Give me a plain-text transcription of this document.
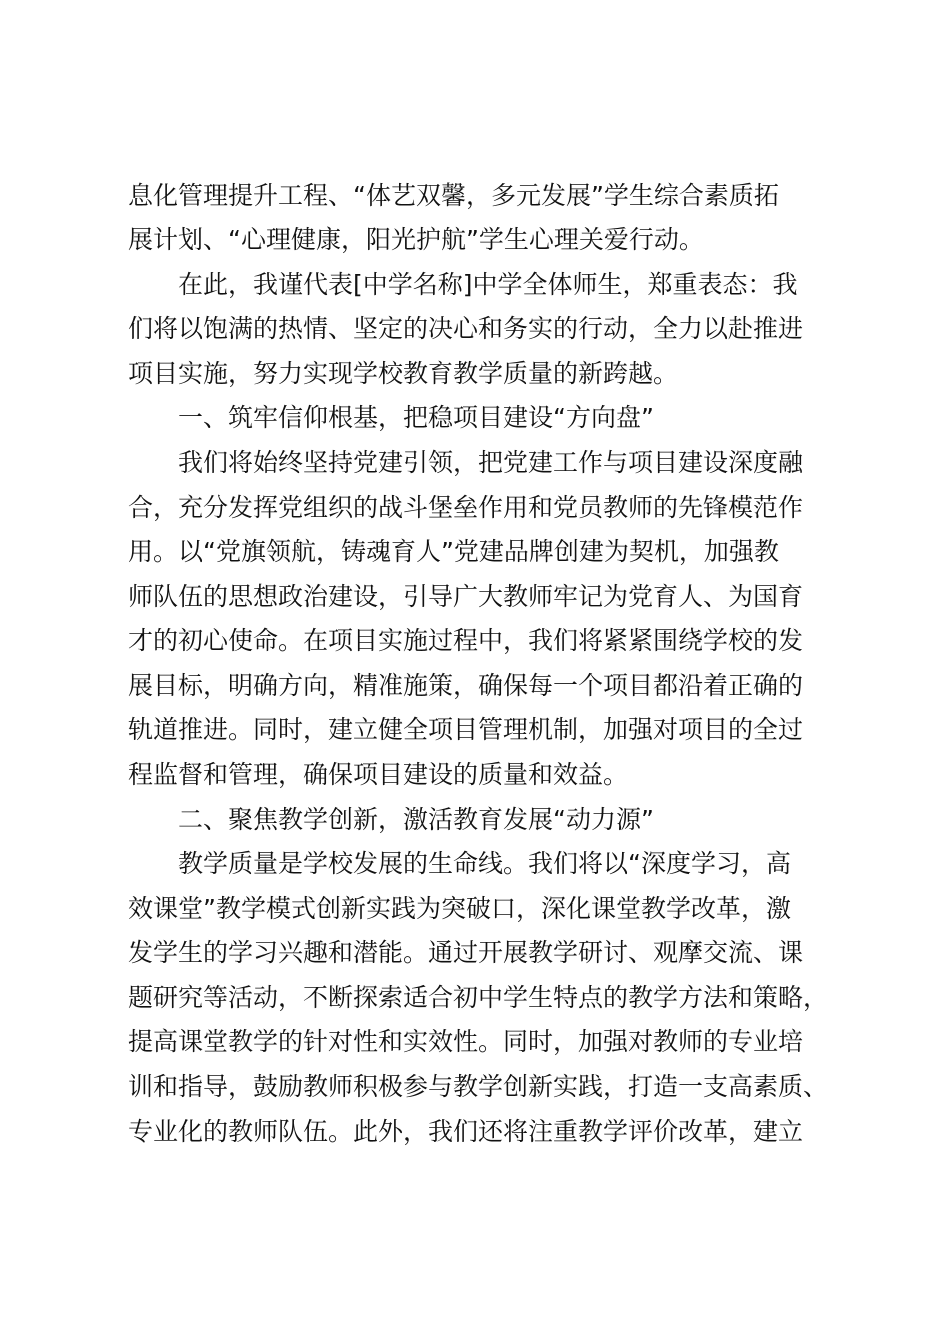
息化管理提升工程、“体艺双馨，多元发展”学生综合素质拓
展计划、“心理健康，阳光护航”学生心理关爱行动。
在此，我谨代表[中学名称]中学全体师生，郑重表态：我
们将以饱满的热情、坚定的决心和务实的行动，全力以赴推进
项目实施，努力实现学校教育教学质量的新跨越。
一、筑牢信仰根基，把稳项目建设“方向盘”
我们将始终坚持党建引领，把党建工作与项目建设深度融
合，充分发挥党组织的战斗堡垒作用和党员教师的先锋模范作
用。以“党旗领航，铸魂育人”党建品牌创建为契机，加强教
师队伍的思想政治建设，引导广大教师牢记为党育人、为国育
才的初心使命。在项目实施过程中，我们将紧紧围绕学校的发
展目标，明确方向，精准施策，确保每一个项目都沿着正确的
轨道推进。同时，建立健全项目管理机制，加强对项目的全过
程监督和管理，确保项目建设的质量和效益。
二、聚焦教学创新，激活教育发展“动力源”
教学质量是学校发展的生命线。我们将以“深度学习，高
效课堂”教学模式创新实践为突破口，深化课堂教学改革，激
发学生的学习兴趣和潜能。通过开展教学研讨、观摩交流、课
题研究等活动，不断探索适合初中学生特点的教学方法和策略，
提高课堂教学的针对性和实效性。同时，加强对教师的专业培
训和指导，鼓励教师积极参与教学创新实践，打造一支高素质、
专业化的教师队伍。此外，我们还将注重教学评价改革，建立
